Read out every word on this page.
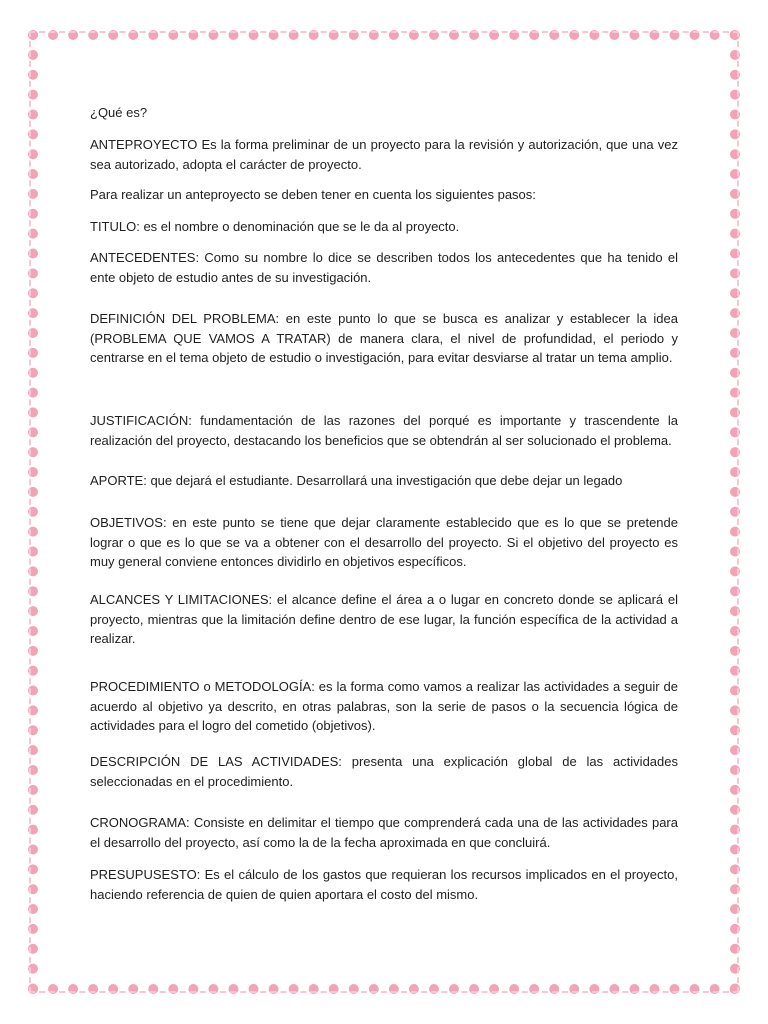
¿Qué es?

ANTEPROYECTO Es la forma preliminar de un proyecto para la revisión y autorización, que una vez sea autorizado, adopta el carácter de proyecto.

Para realizar un anteproyecto se deben tener en cuenta los siguientes pasos:

TITULO: es el nombre o denominación que se le da al proyecto.

ANTECEDENTES: Como su nombre lo dice se describen todos los antecedentes que ha tenido el ente objeto de estudio antes de su investigación.

DEFINICIÓN DEL PROBLEMA: en este punto lo que se busca es analizar y establecer la idea (PROBLEMA QUE VAMOS A TRATAR) de manera clara, el nivel de profundidad, el periodo y centrarse en el tema objeto de estudio o investigación, para evitar desviarse al tratar un tema amplio.

JUSTIFICACIÓN: fundamentación de las razones del porqué es importante y trascendente la realización del proyecto, destacando los beneficios que se obtendrán al ser solucionado el problema.

APORTE: que dejará el estudiante. Desarrollará una investigación que debe dejar un legado

OBJETIVOS: en este punto se tiene que dejar claramente establecido que es lo que se pretende lograr o que es lo que se va a obtener con el desarrollo del proyecto. Si el objetivo del proyecto es muy general conviene entonces dividirlo en objetivos específicos.

ALCANCES Y LIMITACIONES: el alcance define el área a o lugar en concreto donde se aplicará el proyecto, mientras que la limitación define dentro de ese lugar, la función específica de la actividad a realizar.

PROCEDIMIENTO o METODOLOGÍA: es la forma como vamos a realizar las actividades a seguir de acuerdo al objetivo ya descrito, en otras palabras, son la serie de pasos o la secuencia lógica de actividades para el logro del cometido (objetivos).

DESCRIPCIÓN DE LAS ACTIVIDADES: presenta una explicación global de las actividades seleccionadas en el procedimiento.

CRONOGRAMA: Consiste en delimitar el tiempo que comprenderá cada una de las actividades para el desarrollo del proyecto, así como la de la fecha aproximada en que concluirá.

PRESUPUSESTO: Es el cálculo de los gastos que requieran los recursos implicados en el proyecto, haciendo referencia de quien de quien aportara el costo del mismo.
